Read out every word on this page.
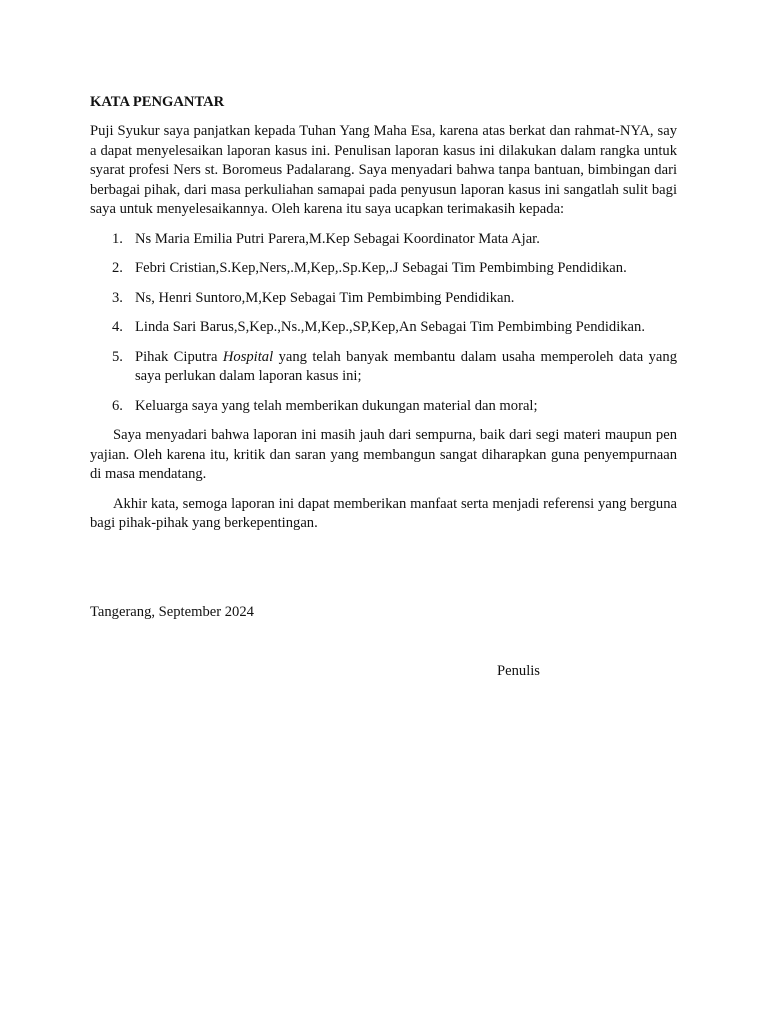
KATA PENGANTAR

Puji Syukur saya panjatkan kepada Tuhan Yang Maha Esa, karena atas berkat dan rahmat-NYA, saya dapat menyelesaikan laporan kasus ini. Penulisan laporan kasus ini dilakukan dalam rangka untuk syarat profesi Ners st. Boromeus Padalarang. Saya menyadari bahwa tanpa bantuan, bimbingan dari berbagai pihak, dari masa perkuliahan samapai pada penyusun laporan kasus ini sangatlah sulit bagi saya untuk menyelesaikannya. Oleh karena itu saya ucapkan terimakasih kepada:

1. Ns Maria Emilia Putri Parera,M.Kep Sebagai Koordinator Mata Ajar.
2. Febri Cristian,S.Kep,Ners,.M,Kep,.Sp.Kep,.J Sebagai Tim Pembimbing Pendidikan.
3. Ns, Henri Suntoro,M,Kep Sebagai Tim Pembimbing Pendidikan.
4. Linda Sari Barus,S,Kep.,Ns.,M,Kep.,SP,Kep,An Sebagai Tim Pembimbing Pendidikan.
5. Pihak Ciputra Hospital yang telah banyak membantu dalam usaha memperoleh data yang saya perlukan dalam laporan kasus ini;
6. Keluarga saya yang telah memberikan dukungan material dan moral;

Saya menyadari bahwa laporan ini masih jauh dari sempurna, baik dari segi materi maupun penyajian. Oleh karena itu, kritik dan saran yang membangun sangat diharapkan guna penyempurnaan di masa mendatang.

Akhir kata, semoga laporan ini dapat memberikan manfaat serta menjadi referensi yang berguna bagi pihak-pihak yang berkepentingan.

Tangerang, September 2024
Penulis
